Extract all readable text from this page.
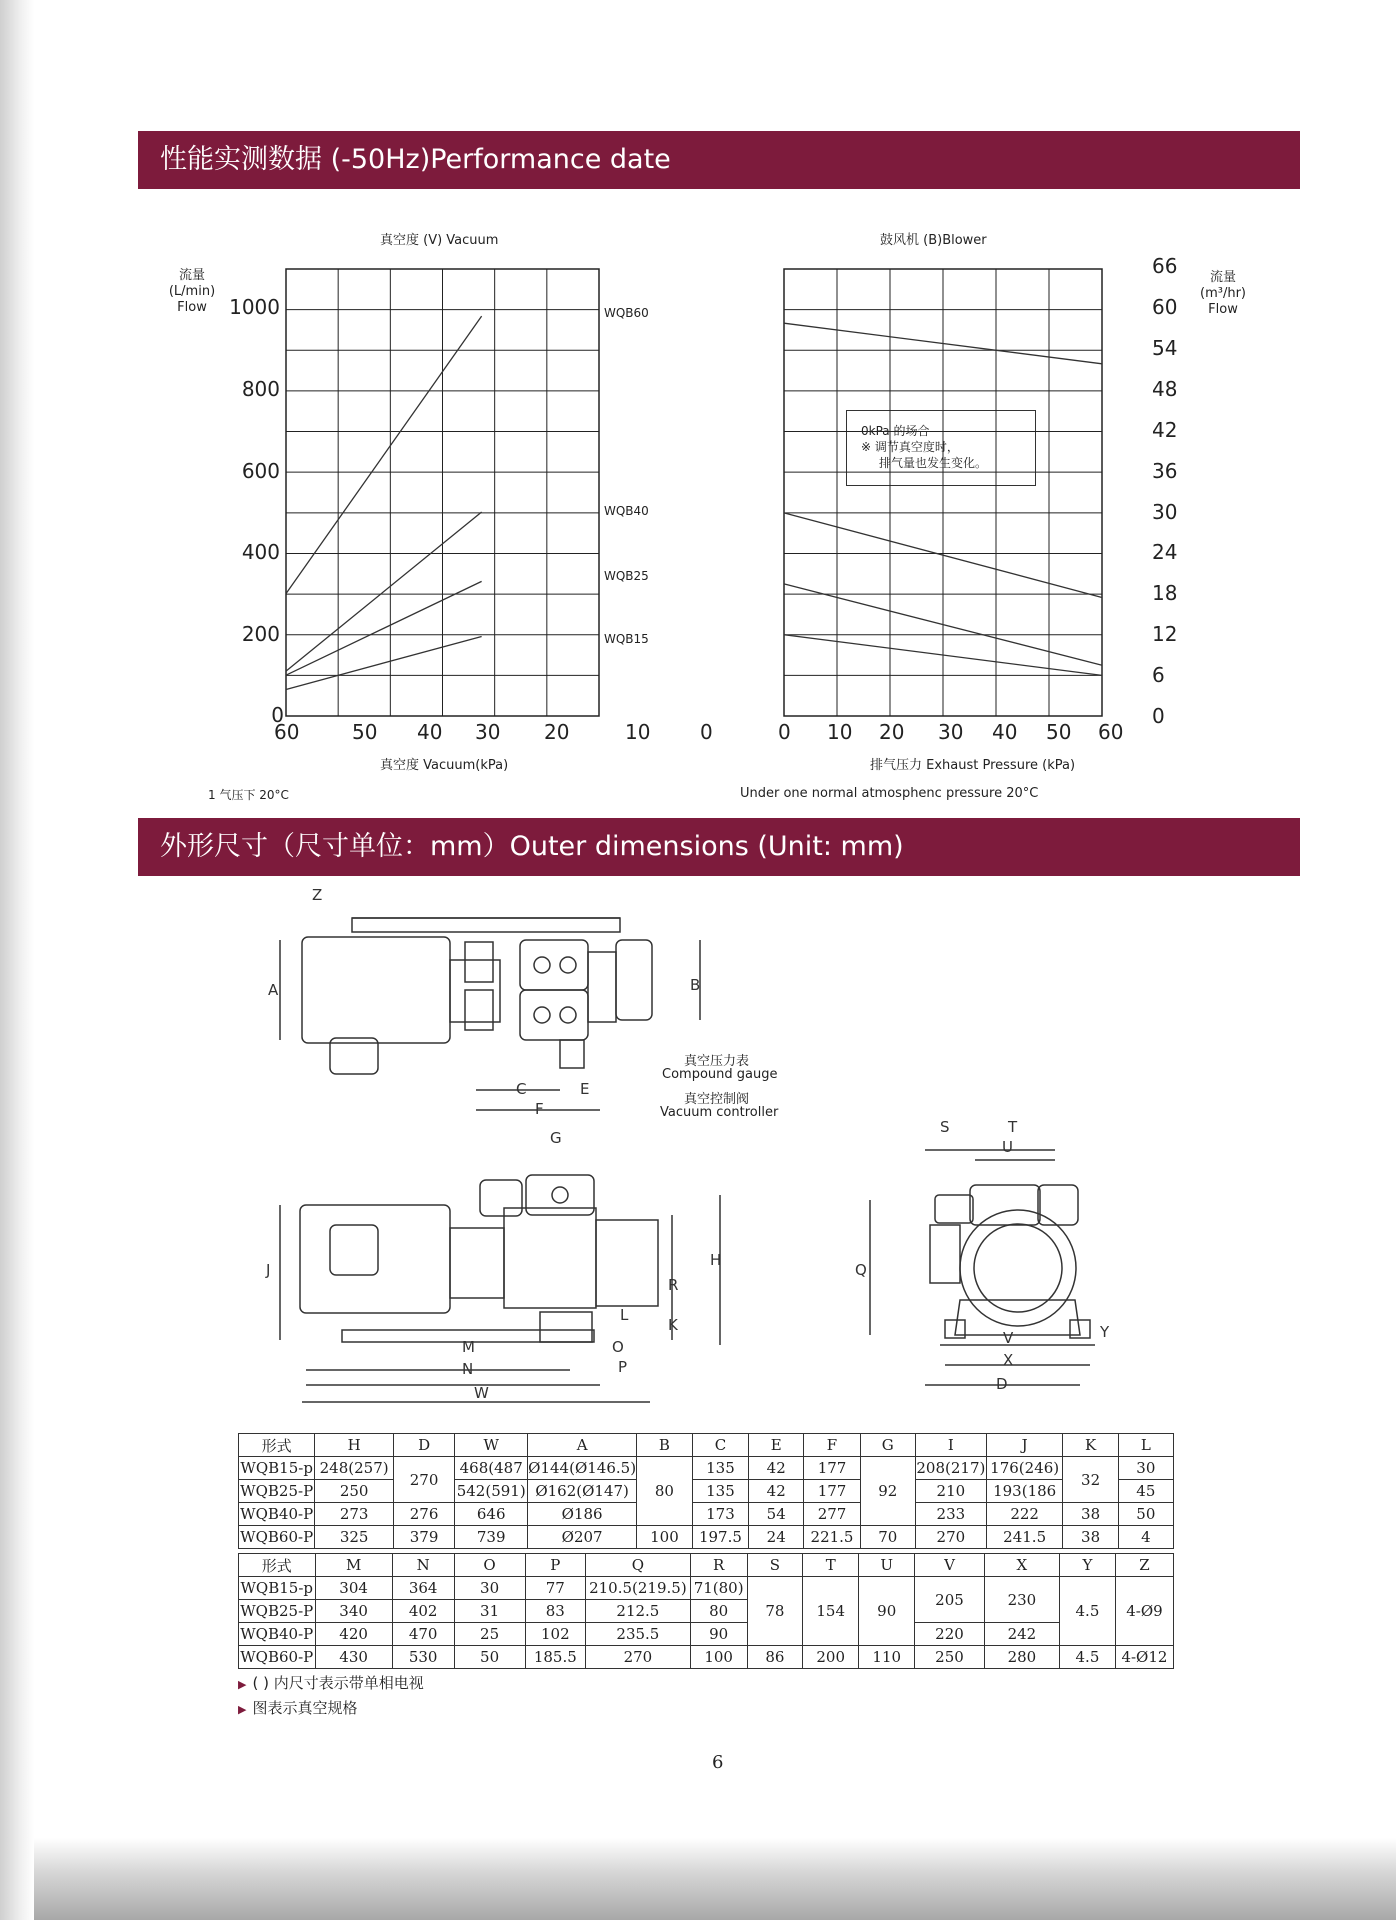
性能实测数据 (-50Hz)Performance date
外形尺寸（尺寸单位：mm）Outer dimensions (Unit: mm)
真空度 (V) Vacuum
流量
(L/min)
Flow
0
200
400
600
800
1000
60	50 40 30 20	10 0
真空度 Vacuum(kPa)
1 气压下 20°C
WQB60
WQB40
WQB25
WQB15
鼓风机 (B)Blower
流量
(m³/hr)
Flow
0
6
12
18
24
30
36
42
48
54
60
66
0 10 20 30 40 50 60
排气压力 Exhaust Pressure (kPa)
Under one normal atmosphenc pressure 20°C
0kPa 的场合
※ 调节真空度时，
排气量也发生变化。
Z
A	B
C	E
F
G
J
H
R
K
L
M
N
W
O
P
S	T
U
Q
V
X
D
Y
真空压力表
Compound gauge
真空控制阀
Vacuum controller
形式	H	D	W	A	B	C	E	F	G	I	J	K	L
WQB15-p	248(257)	270	468(487	Ø144(Ø146.5)	80	135	42	177	92	208(217)	176(246)	32	30
WQB25-P	250		542(591)	Ø162(Ø147)		135	42	177		210	193(186		45
WQB40-P	273	276	646	Ø186		173	54	277		233	222	38	50
WQB60-P	325	379	739	Ø207	100	197.5	24	221.5	70	270	241.5	38	4
形式	M	N	O	P	Q	R	S	T	U	V	X	Y	Z
WQB15-p	304	364	30	77	210.5(219.5)	71(80)	78	154	90	205	230	4.5	4-Ø9
WQB25-P	340	402	31	83	212.5	80							
WQB40-P	420	470	25	102	235.5	90				220	242		
WQB60-P	430	530	50	185.5	270	100	86	200	110	250	280	4.5	4-Ø12
▶ ( ) 内尺寸表示带单相电视
▶ 图表示真空规格
6
